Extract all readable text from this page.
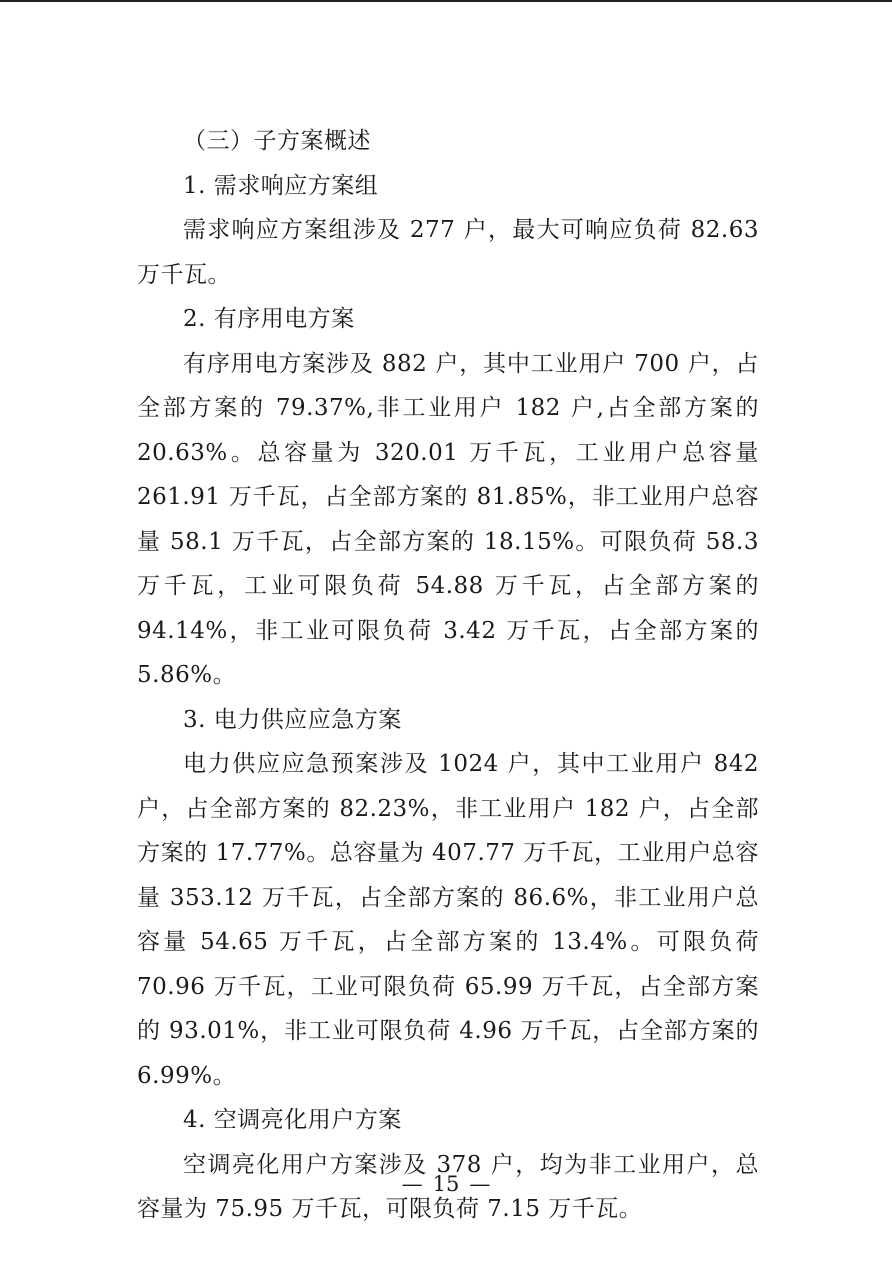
（三）子方案概述

1. 需求响应方案组

需求响应方案组涉及 277 户，最大可响应负荷 82.63 万千瓦。

2. 有序用电方案

有序用电方案涉及 882 户，其中工业用户 700 户，占全部方案的 79.37%,非工业用户 182 户,占全部方案的 20.63%。总容量为 320.01 万千瓦，工业用户总容量 261.91 万千瓦，占全部方案的 81.85%，非工业用户总容量 58.1 万千瓦，占全部方案的 18.15%。可限负荷 58.3 万千瓦，工业可限负荷 54.88 万千瓦，占全部方案的 94.14%，非工业可限负荷 3.42 万千瓦，占全部方案的 5.86%。

3. 电力供应应急方案

电力供应应急预案涉及 1024 户，其中工业用户 842 户，占全部方案的 82.23%，非工业用户 182 户，占全部方案的 17.77%。总容量为 407.77 万千瓦，工业用户总容量 353.12 万千瓦，占全部方案的 86.6%，非工业用户总容量 54.65 万千瓦，占全部方案的 13.4%。可限负荷 70.96 万千瓦，工业可限负荷 65.99 万千瓦，占全部方案的 93.01%，非工业可限负荷 4.96 万千瓦，占全部方案的 6.99%。

4. 空调亮化用户方案

空调亮化用户方案涉及 378 户，均为非工业用户，总容量为 75.95 万千瓦，可限负荷 7.15 万千瓦。

— 15 —
